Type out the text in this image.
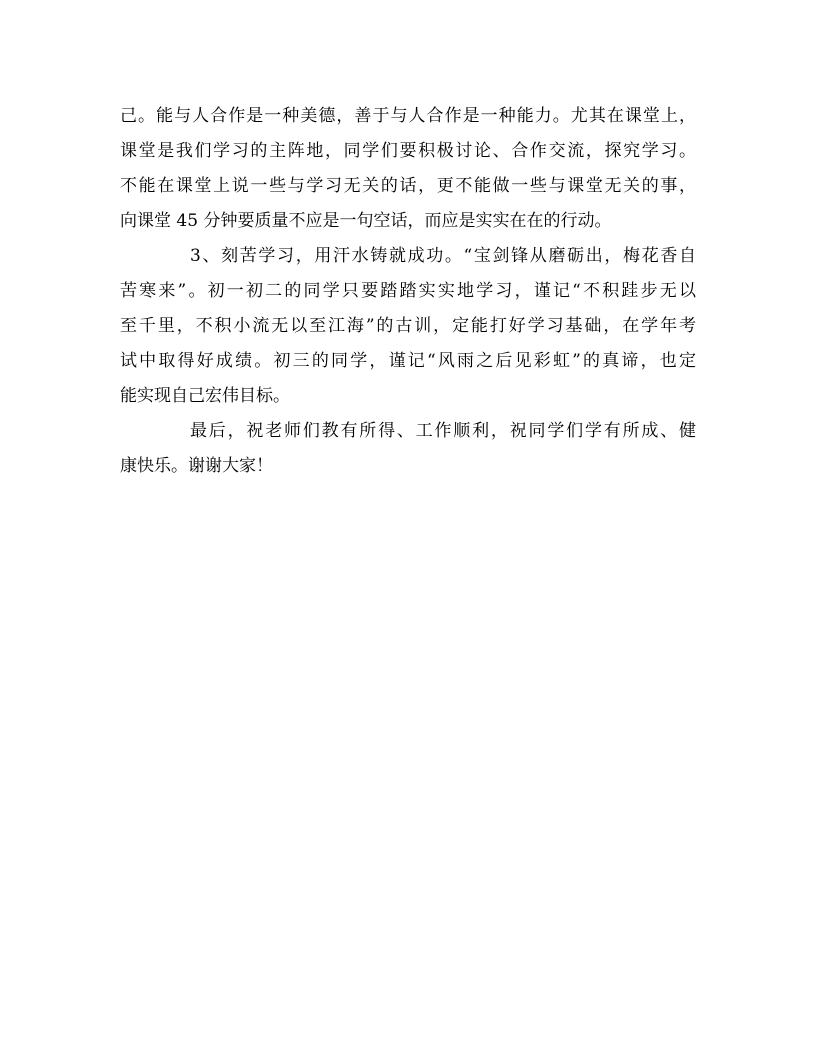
己。能与人合作是一种美德，善于与人合作是一种能力。尤其在课堂上，
课堂是我们学习的主阵地，同学们要积极讨论、合作交流，探究学习。
不能在课堂上说一些与学习无关的话，更不能做一些与课堂无关的事，
向课堂 45 分钟要质量不应是一句空话，而应是实实在在的行动。
3、刻苦学习，用汗水铸就成功。“宝剑锋从磨砺出，梅花香自
苦寒来”。初一初二的同学只要踏踏实实地学习，谨记“不积跬步无以
至千里，不积小流无以至江海”的古训，定能打好学习基础，在学年考
试中取得好成绩。初三的同学，谨记“风雨之后见彩虹”的真谛，也定
能实现自己宏伟目标。
最后，祝老师们教有所得、工作顺利，祝同学们学有所成、健
康快乐。谢谢大家！
